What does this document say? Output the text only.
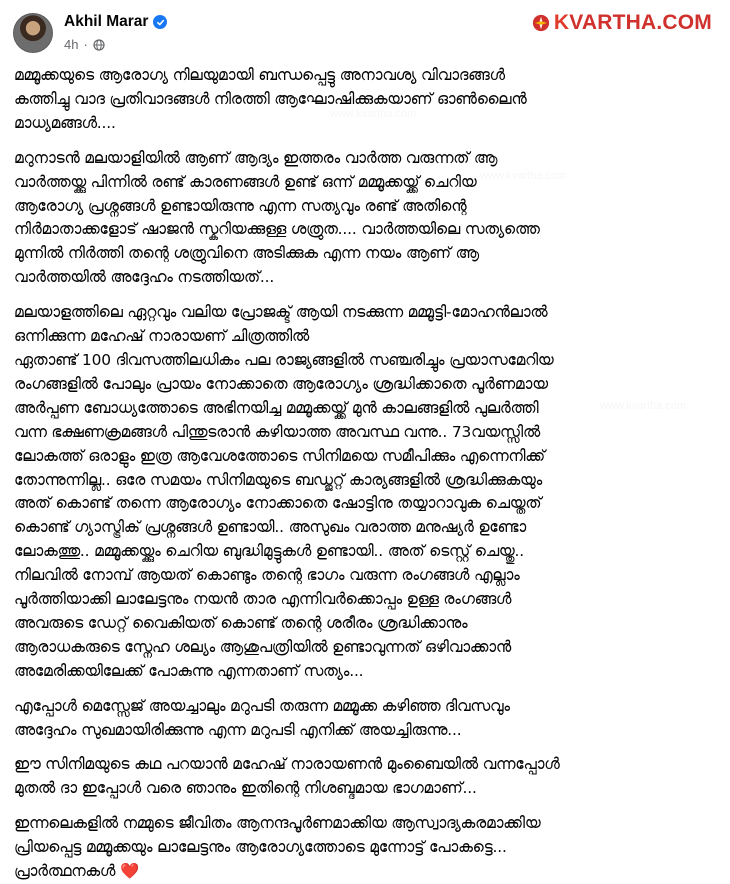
Akhil Marar
4h ·
KVARTHA.COM

മമ്മൂക്കയുടെ ആരോഗ്യ നിലയുമായി ബന്ധപ്പെട്ടു അനാവശ്യ വിവാദങ്ങൾ
കത്തിച്ചു വാദ പ്രതിവാദങ്ങൾ നിരത്തി ആഘോഷിക്കുകയാണ് ഓൺലൈൻ
മാധ്യമങ്ങൾ....

മറുനാടൻ മലയാളിയിൽ ആണ് ആദ്യം ഇത്തരം വാർത്ത വരുന്നത് ആ
വാർത്തയ്ക്കു പിന്നിൽ രണ്ട് കാരണങ്ങൾ ഉണ്ട് ഒന്ന് മമ്മൂക്കയ്ക്ക് ചെറിയ
ആരോഗ്യ പ്രശ്നങ്ങൾ ഉണ്ടായിരുന്നു എന്ന സത്യവും രണ്ട് അതിന്റെ
നിർമാതാക്കളോട് ഷാജൻ സ്കറിയക്കുള്ള ശത്രുത.... വാർത്തയിലെ സത്യത്തെ
മുന്നിൽ നിർത്തി തന്റെ ശത്രുവിനെ അടിക്കുക എന്ന നയം ആണ് ആ
വാർത്തയിൽ അദ്ദേഹം നടത്തിയത്...

മലയാളത്തിലെ ഏറ്റവും വലിയ പ്രോജക്ട് ആയി നടക്കുന്ന മമ്മൂട്ടി-മോഹൻലാൽ
ഒന്നിക്കുന്ന മഹേഷ് നാരായണ് ചിത്രത്തിൽ
ഏതാണ്ട് 100 ദിവസത്തിലധികം പല രാജ്യങ്ങളിൽ സഞ്ചരിച്ചും പ്രയാസമേറിയ
രംഗങ്ങളിൽ പോലും പ്രായം നോക്കാതെ ആരോഗ്യം ശ്രദ്ധിക്കാതെ പൂർണമായ
അർപ്പണ ബോധ്യത്തോടെ അഭിനയിച്ച മമ്മൂക്കയ്ക്ക് മുൻ കാലങ്ങളിൽ പുലർത്തി
വന്ന ഭക്ഷണക്രമങ്ങൾ പിന്തുടരാൻ കഴിയാത്ത അവസ്ഥ വന്നു.. 73വയസ്സിൽ
ലോകത്ത് ഒരാളും ഇത്ര ആവേശത്തോടെ സിനിമയെ സമീപിക്കും എന്നെനിക്ക്
തോന്നുന്നില്ല.. ഒരേ സമയം സിനിമയുടെ ബഡ്ജറ്റ് കാര്യങ്ങളിൽ ശ്രദ്ധിക്കുകയും
അത് കൊണ്ട് തന്നെ ആരോഗ്യം നോക്കാതെ ഷോട്ടിനു തയ്യാറാവുക ചെയ്തത്
കൊണ്ട് ഗ്യാസ്ട്രിക് പ്രശ്നങ്ങൾ ഉണ്ടായി.. അസുഖം വരാത്ത മനുഷ്യർ ഉണ്ടോ
ലോകത്തു.. മമ്മൂക്കയ്ക്കും ചെറിയ ബുദ്ധിമുട്ടുകൾ ഉണ്ടായി.. അത് ടെസ്റ്റ് ചെയ്തു..
നിലവിൽ നോമ്പ് ആയത് കൊണ്ടും തന്റെ ഭാഗം വരുന്ന രംഗങ്ങൾ എല്ലാം
പൂർത്തിയാക്കി ലാലേട്ടനും നയൻ താര എന്നിവർക്കൊപ്പം ഉള്ള രംഗങ്ങൾ
അവരുടെ ഡേറ്റ് വൈകിയത് കൊണ്ട് തന്റെ ശരീരം ശ്രദ്ധിക്കാനും
ആരാധകരുടെ സ്നേഹ ശല്യം ആശുപത്രിയിൽ ഉണ്ടാവുന്നത് ഒഴിവാക്കാൻ
അമേരിക്കയിലേക്ക് പോകുന്നു എന്നതാണ് സത്യം...

എപ്പോൾ മെസ്സേജ് അയച്ചാലും മറുപടി തരുന്ന മമ്മൂക്ക കഴിഞ്ഞ ദിവസവും
അദ്ദേഹം സുഖമായിരിക്കുന്നു എന്ന മറുപടി എനിക്ക് അയച്ചിരുന്നു...

ഈ സിനിമയുടെ കഥ പറയാൻ മഹേഷ് നാരായണൻ മുംബൈയിൽ വന്നപ്പോൾ
മുതൽ ദാ ഇപ്പോൾ വരെ ഞാനും ഇതിന്റെ നിശബ്ദമായ ഭാഗമാണ്...

ഇന്നലെകളിൽ നമ്മുടെ ജീവിതം ആനന്ദപൂർണമാക്കിയ ആസ്വാദ്യകരമാക്കിയ
പ്രിയപ്പെട്ട മമ്മൂക്കയും ലാലേട്ടനും ആരോഗ്യത്തോടെ മുന്നോട്ട് പോകട്ടെ...
പ്രാർത്ഥനകൾ ❤️
